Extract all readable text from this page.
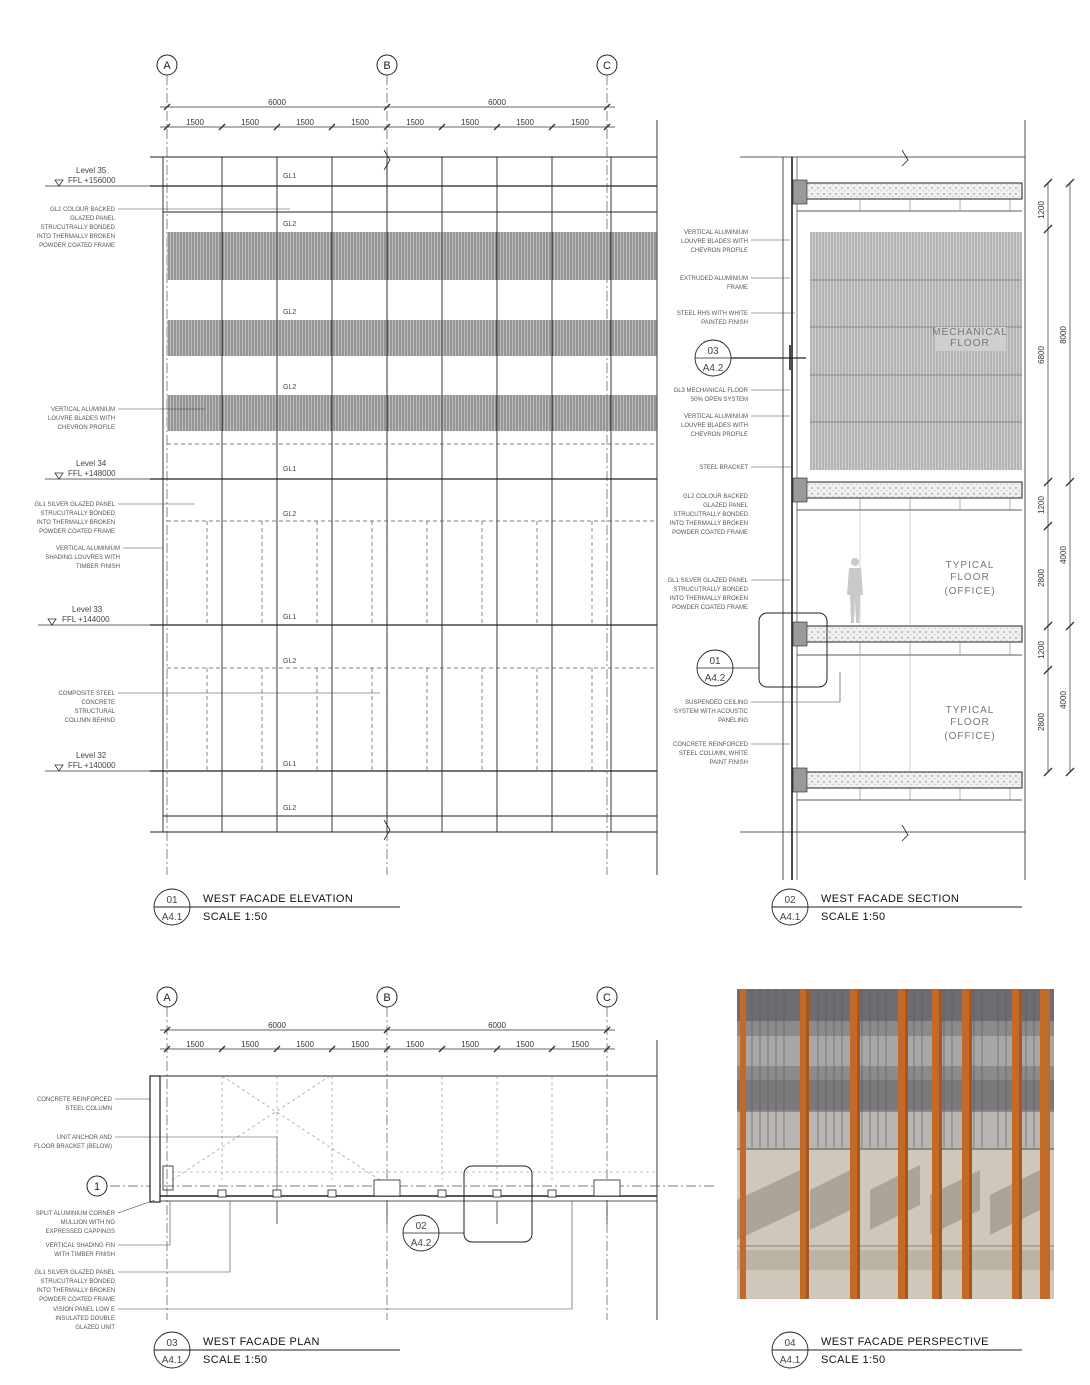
A	B	C
6000	6000
1500	1500	1500	1500	1500	1500	1500	1500
GL1
GL2
GL2
GL2
GL1
GL2
GL1
GL2
GL1
GL2
Level 35
FFL +156000
Level 34
FFL +148000
Level 33
FFL +144000
Level 32
FFL +140000
GL2 COLOUR BACKED
GLAZED PANEL
STRUCUTRALLY BONDED
INTO THERMALLY BROKEN
POWDER COATED FRAME
VERTICAL ALUMINIUM
LOUVRE BLADES WITH
CHEVRON PROFILE
GL1 SILVER GLAZED PANEL
STRUCUTRALLY BONDED
INTO THERMALLY BROKEN
POWDER COATED FRAME
VERTICAL ALUMINIUM
SHADING LOUVRES WITH
TIMBER FINISH
COMPOSITE STEEL
CONCRETE
STRUCTURAL
COLUMN BEHIND
MECHANICAL
FLOOR
TYPICAL
FLOOR
(OFFICE)
TYPICAL
FLOOR
(OFFICE)
1200
6800
8000
1200
2800
4000
1200
2800
4000
VERTICAL ALUMINIUM
LOUVRE BLADES WITH
CHEVRON PROFILE
EXTRUDED ALUMINIUM
FRAME
STEEL RHS WITH WHITE
PAINTED FINISH
GL3 MECHANICAL FLOOR
50% OPEN SYSTEM
VERTICAL ALUMINIUM
LOUVRE BLADES WITH
CHEVRON PROFILE
STEEL BRACKET
GL2 COLOUR BACKED
GLAZED PANEL
STRUCUTRALLY BONDED
INTO THERMALLY BROKEN
POWDER COATED FRAME
GL1 SILVER GLAZED PANEL
STRUCUTRALLY BONDED
INTO THERMALLY BROKEN
POWDER COATED FRAME
SUSPENDED CEILING
SYSTEM WITH ACOUSTIC
PANELING
CONCRETE REINFORCED
STEEL COLUMN, WHITE
PAINT FINISH
03
A4.2
01
A4.2
A	B	C
6000	6000
1500	1500	1500	1500	1500	1500	1500	1500
1
CONCRETE REINFORCED
STEEL COLUMN
UNIT ANCHOR AND
FLOOR BRACKET (BELOW)
SPLIT ALUMINIUM CORNER
MULLION WITH NO
EXPRESSED CAPPINGS
VERTICAL SHADING FIN
WITH TIMBER FINISH
GL1 SILVER GLAZED PANEL
STRUCUTRALLY BONDED
INTO THERMALLY BROKEN
POWDER COATED FRAME
VISION PANEL LOW E
INSULATED DOUBLE
GLAZED UNIT
02
A4.2
01
A4.1
WEST FACADE ELEVATION
SCALE 1:50
02
A4.1
WEST FACADE SECTION
SCALE 1:50
03
A4.1
WEST FACADE PLAN
SCALE 1:50
04
A4.1
WEST FACADE PERSPECTIVE
SCALE 1:50
